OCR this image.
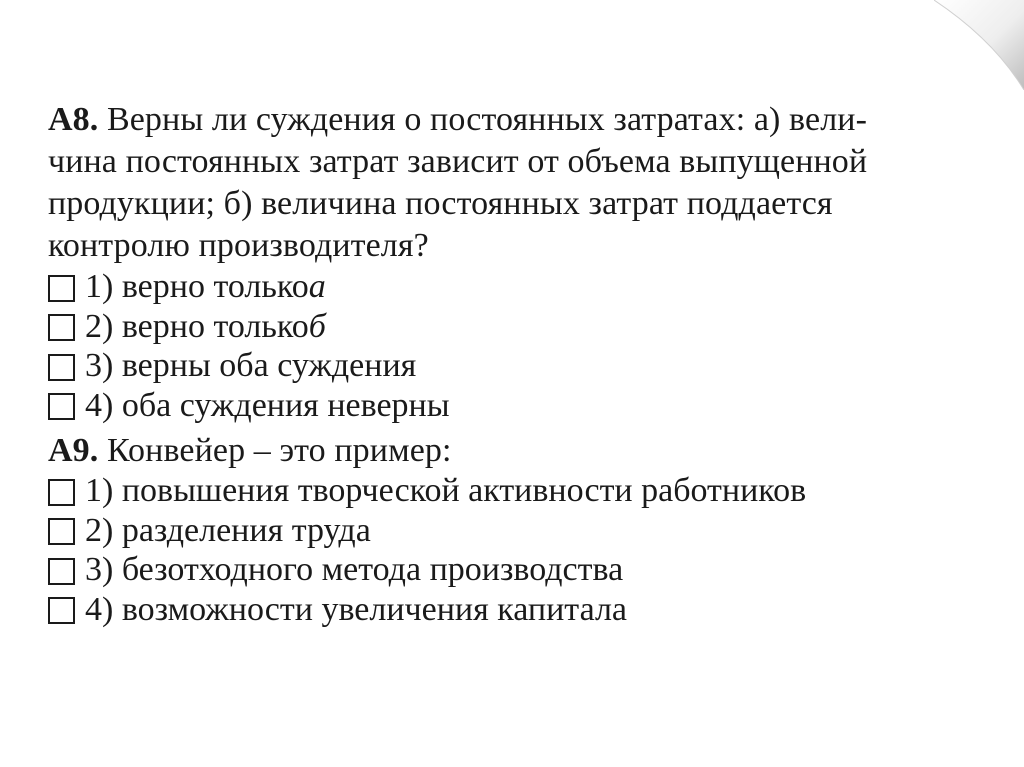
А8. Верны ли суждения о постоянных затратах: а) вели-
чина постоянных затрат зависит от объема выпущенной
продукции; б) величина постоянных затрат поддается
контролю производителя?
1) верно только а
2) верно только б
3) верны оба суждения
4) оба суждения неверны
А9. Конвейер – это пример:
1) повышения творческой активности работников
2) разделения труда
3) безотходного метода производства
4) возможности увеличения капитала
